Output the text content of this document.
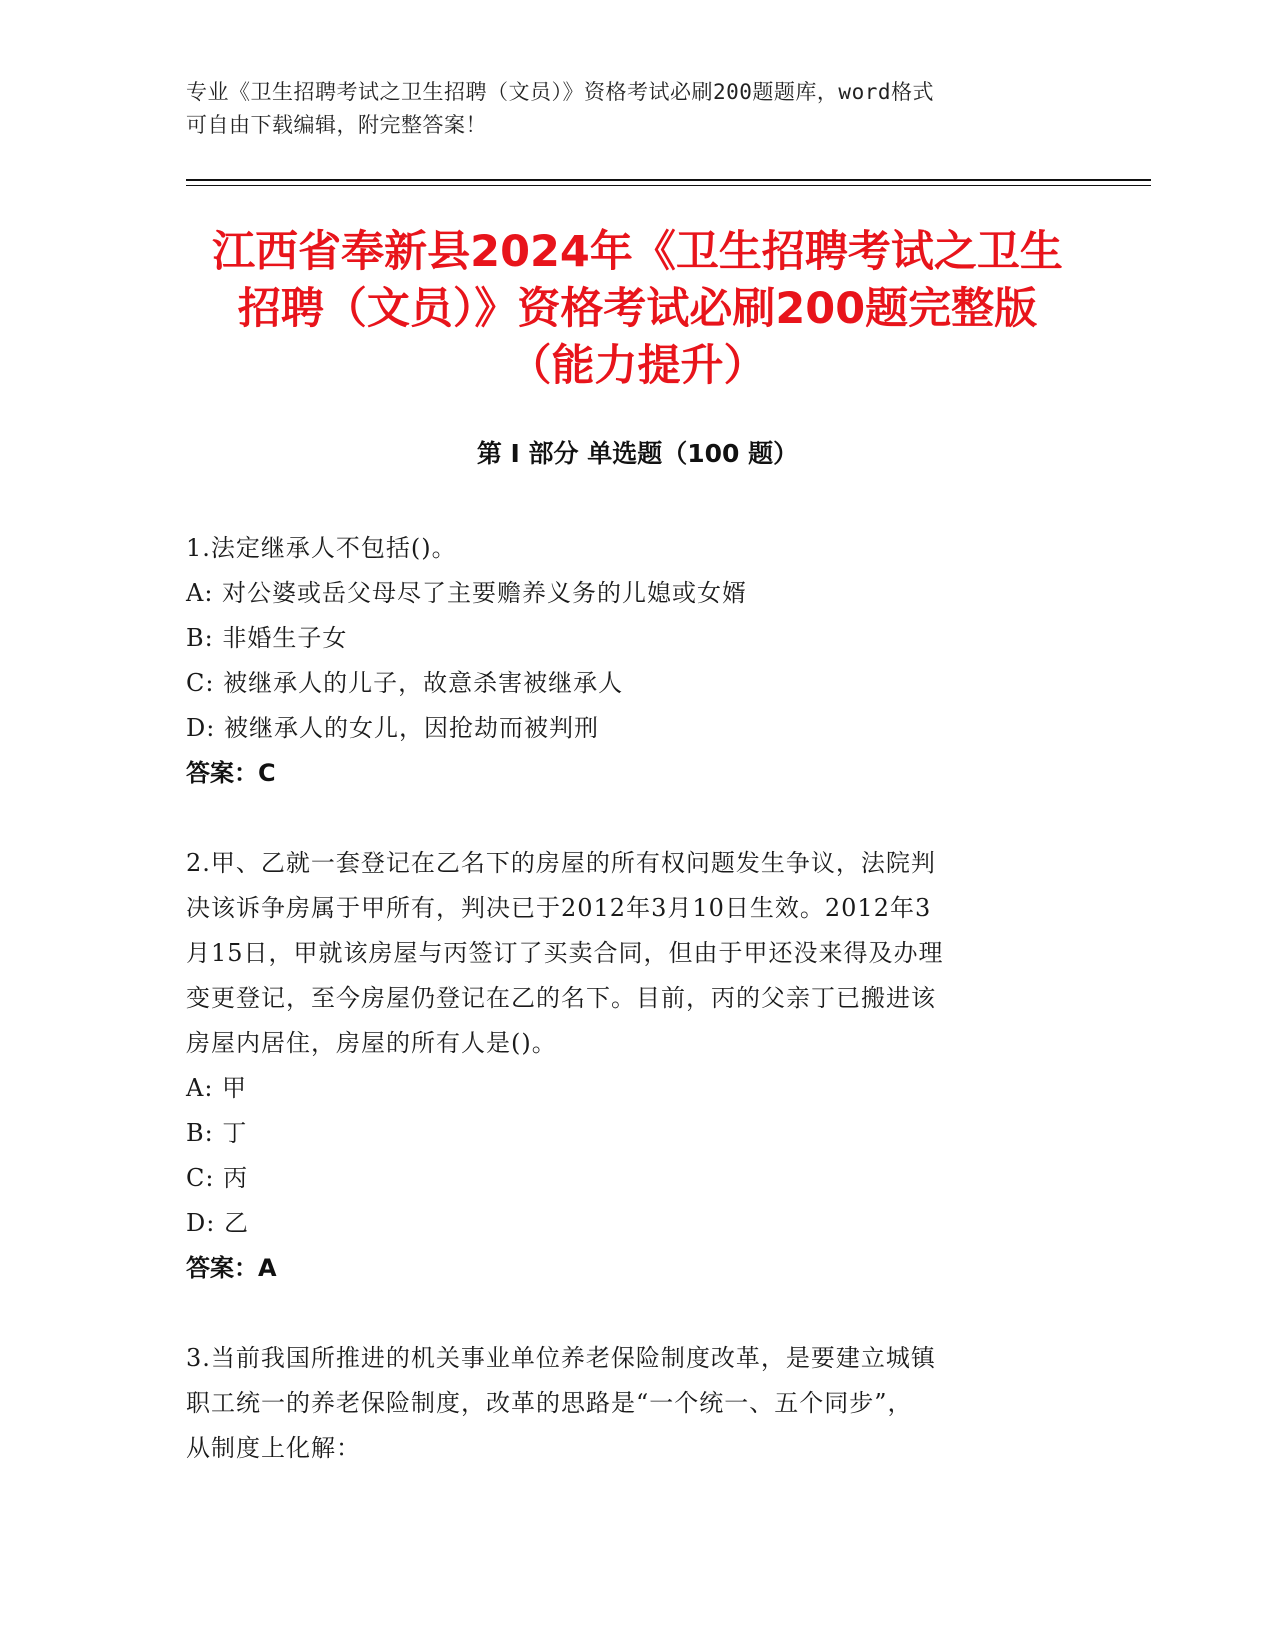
专业《卫生招聘考试之卫生招聘（文员）》资格考试必刷200题题库，word格式
可自由下载编辑，附完整答案！
江西省奉新县2024年《卫生招聘考试之卫生
招聘（文员）》资格考试必刷200题完整版
（能力提升）
第 I 部分 单选题（100 题）
1.法定继承人不包括()。
A: 对公婆或岳父母尽了主要赡养义务的儿媳或女婿
B: 非婚生子女
C: 被继承人的儿子，故意杀害被继承人
D: 被继承人的女儿，因抢劫而被判刑
答案：C
2.甲、乙就一套登记在乙名下的房屋的所有权问题发生争议，法院判
决该诉争房属于甲所有，判决已于2012年3月10日生效。2012年3
月15日，甲就该房屋与丙签订了买卖合同，但由于甲还没来得及办理
变更登记，至今房屋仍登记在乙的名下。目前，丙的父亲丁已搬进该
房屋内居住，房屋的所有人是()。
A: 甲
B: 丁
C: 丙
D: 乙
答案：A
3.当前我国所推进的机关事业单位养老保险制度改革，是要建立城镇
职工统一的养老保险制度，改革的思路是“一个统一、五个同步”，
从制度上化解：
